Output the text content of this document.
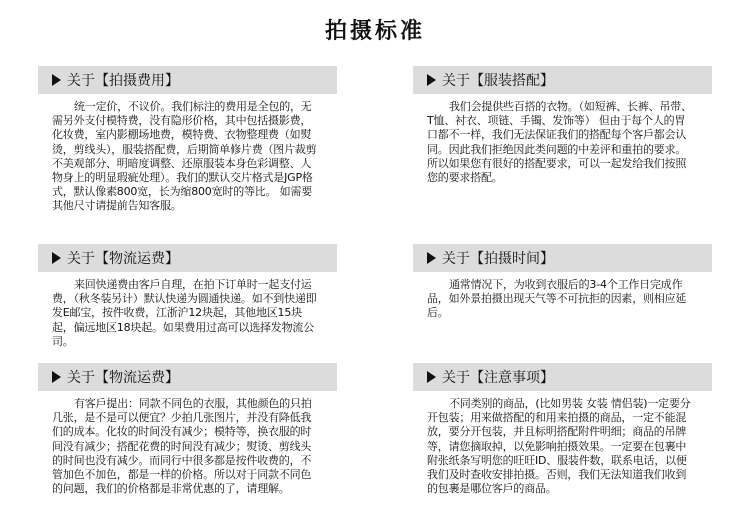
拍摄标准
关于【拍摄费用】
统一定价，不议价。我们标注的费用是全包的，无需另外支付模特费，没有隐形价格，其中包括摄影费，化妆费，室内影棚场地费，模特费、衣物整理费（如熨烫，剪线头），服装搭配费，后期简单修片费（图片裁剪不美观部分、明暗度调整、还原服装本身色彩调整、人物身上的明显瑕疵处理）。我们的默认交片格式是JGP格式，默认像素800宽，长为缩800宽时的等比。 如需要其他尺寸请提前告知客服。
关于【服装搭配】
我们会提供些百搭的衣物。（如短裤、长裤、吊带、T恤、衬衣、项链、手镯、发饰等） 但由于每个人的胃口都不一样，我们无法保证我们的搭配每个客戶都会认同。因此我们拒绝因此类问题的中差评和重拍的要求。所以如果您有很好的搭配要求，可以一起发给我们按照您的要求搭配。
关于【物流运费】
来回快递费由客戶自理，在拍下订单时一起支付运费，（秋冬装另计）默认快递为圆通快递。如不到快递即发E邮宝，按件收费，江浙沪12块起，其他地区15块起，偏远地区18块起。如果费用过高可以选择发物流公司。
关于【拍摄时间】
通常情况下，为收到衣服后的3-4个工作日完成作品，如外景拍摄出现天气等不可抗拒的因素，则相应延后。
关于【物流运费】
有客戶提出：同款不同色的衣服，其他颜色的只拍几张，是不是可以便宜？少拍几张图片，并没有降低我们的成本。化妆的时间没有减少；模特等，换衣服的时间没有减少；搭配花费的时间没有减少；熨烫、剪线头的时间也没有减少。而同行中很多都是按件收费的，不管加色不加色，都是一样的价格。所以对于同款不同色的问题，我们的价格都是非常优惠的了，请理解。
关于【注意事项】
不同类别的商品，(比如男装 女装 情侣装)一定要分开包装；用来做搭配的和用来拍摄的商品，一定不能混放，要分开包装，并且标明搭配附件明细；商品的吊牌等，请您摘取掉，以免影响拍摄效果。一定要在包裹中附张纸条写明您的旺旺ID、服装件数，联系电话，以便我们及时查收安排拍摄。否则，我们无法知道我们收到的包裹是哪位客戶的商品。
